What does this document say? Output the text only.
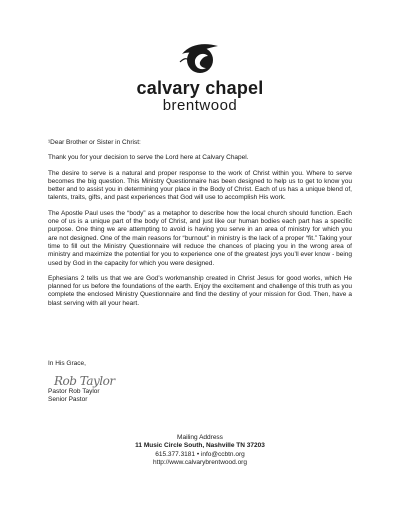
calvary chapel
brentwood

¹Dear Brother or Sister in Christ:

Thank you for your decision to serve the Lord here at Calvary Chapel.

The desire to serve is a natural and proper response to the work of Christ within you. Where to serve becomes the big question. This Ministry Questionnaire has been designed to help us to get to know you better and to assist you in determining your place in the Body of Christ. Each of us has a unique blend of, talents, traits, gifts, and past experiences that God will use to accomplish His work.

The Apostle Paul uses the “body” as a metaphor to describe how the local church should function. Each one of us is a unique part of the body of Christ, and just like our human bodies each part has a specific purpose. One thing we are attempting to avoid is having you serve in an area of ministry for which you are not designed. One of the main reasons for “burnout” in ministry is the lack of a proper “fit.” Taking your time to fill out the Ministry Questionnaire will reduce the chances of placing you in the wrong area of ministry and maximize the potential for you to experience one of the greatest joys you’ll ever know - being used by God in the capacity for which you were designed.

Ephesians 2 tells us that we are God’s workmanship created in Christ Jesus for good works, which He planned for us before the foundations of the earth. Enjoy the excitement and challenge of this truth as you complete the enclosed Ministry Questionnaire and find the destiny of your mission for God. Then, have a blast serving with all your heart.

In His Grace,
Rob Taylor
Pastor Rob Taylor
Senior Pastor
Mailing Address
11 Music Circle South, Nashville TN 37203
615.377.3181 • info@ccbtn.org
http://www.calvarybrentwood.org
